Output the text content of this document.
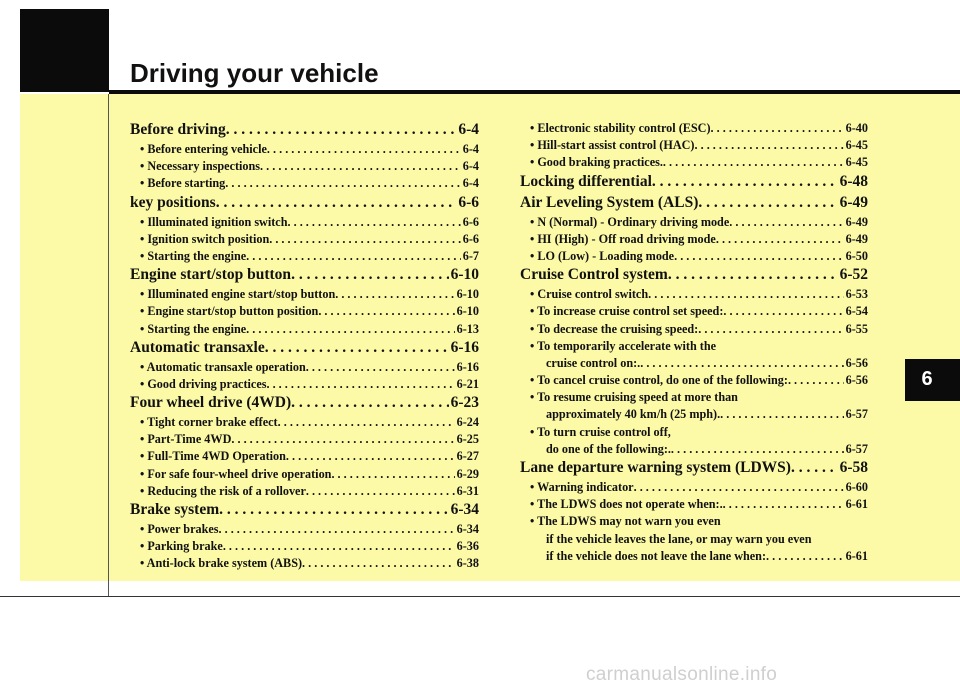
Driving your vehicle
Before driving . . .	6-4
• Before entering vehicle . . .	6-4
• Necessary inspections . . .	6-4
• Before starting . . .	6-4
key positions . . .	6-6
• Illuminated ignition switch . . .	6-6
• Ignition switch position . . .	6-6
• Starting the engine . . .	6-7
Engine start/stop button . . .	6-10
• Illuminated engine start/stop button . . .	6-10
• Engine start/stop button position . . .	6-10
• Starting the engine . . .	6-13
Automatic transaxle . . .	6-16
• Automatic transaxle operation . . .	6-16
• Good driving practices . . .	6-21
Four wheel drive (4WD) . . .	6-23
• Tight corner brake effect . . .	6-24
• Part-Time 4WD . . .	6-25
• Full-Time 4WD Operation . . .	6-27
• For safe four-wheel drive operation . . .	6-29
• Reducing the risk of a rollover . . .	6-31
Brake system . . .	6-34
• Power brakes . . .	6-34
• Parking brake . . .	6-36
• Anti-lock brake system (ABS) . . .	6-38
• Electronic stability control (ESC) . . .	6-40
• Hill-start assist control (HAC) . . .	6-45
• Good braking practices. . . .	6-45
Locking differential . . .	6-48
Air Leveling System (ALS) . . .	6-49
• N (Normal) - Ordinary driving mode . . .	6-49
• HI (High) - Off road driving mode . . .	6-49
• LO (Low) - Loading mode . . .	6-50
Cruise Control system . . .	6-52
• Cruise control switch . . .	6-53
• To increase cruise control set speed: . . .	6-54
• To decrease the cruising speed: . . .	6-55
• To temporarily accelerate with the
cruise control on:. . . .	6-56
• To cancel cruise control, do one of the following: . . .	6-56
• To resume cruising speed at more than
approximately 40 km/h (25 mph). . . .	6-57
• To turn cruise control off,
do one of the following:. . . .	6-57
Lane departure warning system (LDWS) . . .	6-58
• Warning indicator . . .	6-60
• The LDWS does not operate when:. . . .	6-61
• The LDWS may not warn you even
if the vehicle leaves the lane, or may warn you even
if the vehicle does not leave the lane when: . . .	6-61
6
carmanualsonline.info
